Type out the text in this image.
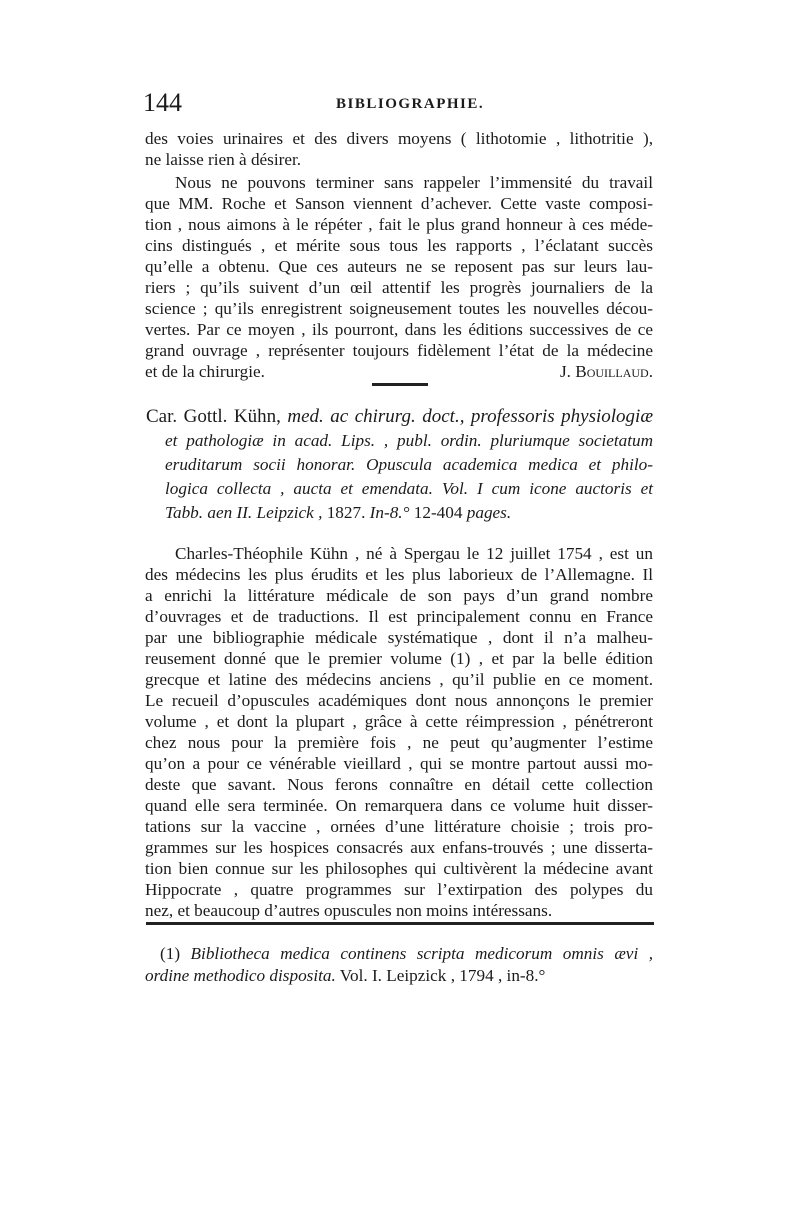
144	BIBLIOGRAPHIE.
des voies urinaires et des divers moyens ( lithotomie , lithotritie ),
ne laisse rien à désirer.
Nous ne pouvons terminer sans rappeler l’immensité du travail
que MM. Roche et Sanson viennent d’achever. Cette vaste composi-
tion , nous aimons à le répéter , fait le plus grand honneur à ces méde-
cins distingués , et mérite sous tous les rapports , l’éclatant succès
qu’elle a obtenu. Que ces auteurs ne se reposent pas sur leurs lau-
riers ; qu’ils suivent d’un œil attentif les progrès journaliers de la
science ; qu’ils enregistrent soigneusement toutes les nouvelles décou-
vertes. Par ce moyen , ils pourront, dans les éditions successives de ce
grand ouvrage , représenter toujours fidèlement l’état de la médecine
et de la chirurgie.	J. Bouillaud.
Car. Gottl. Kühn, med. ac chirurg. doct., professoris physiologiæ
et pathologiæ in acad. Lips. , publ. ordin. pluriumque societatum
eruditarum socii honorar. Opuscula academica medica et philo-
logica collecta , aucta et emendata. Vol. I cum icone auctoris et
Tabb. aen II. Leipzick , 1827. In-8.° 12-404 pages.
Charles-Théophile Kühn , né à Spergau le 12 juillet 1754 , est un
des médecins les plus érudits et les plus laborieux de l’Allemagne. Il
a enrichi la littérature médicale de son pays d’un grand nombre
d’ouvrages et de traductions. Il est principalement connu en France
par une bibliographie médicale systématique , dont il n’a malheu-
reusement donné que le premier volume (1) , et par la belle édition
grecque et latine des médecins anciens , qu’il publie en ce moment.
Le recueil d’opuscules académiques dont nous annonçons le premier
volume , et dont la plupart , grâce à cette réimpression , pénétreront
chez nous pour la première fois , ne peut qu’augmenter l’estime
qu’on a pour ce vénérable vieillard , qui se montre partout aussi mo-
deste que savant. Nous ferons connaître en détail cette collection
quand elle sera terminée. On remarquera dans ce volume huit disser-
tations sur la vaccine , ornées d’une littérature choisie ; trois pro-
grammes sur les hospices consacrés aux enfans-trouvés ; une disserta-
tion bien connue sur les philosophes qui cultivèrent la médecine avant
Hippocrate , quatre programmes sur l’extirpation des polypes du
nez, et beaucoup d’autres opuscules non moins intéressans.
(1) Bibliotheca medica continens scripta medicorum omnis ævi ,
ordine methodico disposita. Vol. I. Leipzick , 1794 , in-8.°
